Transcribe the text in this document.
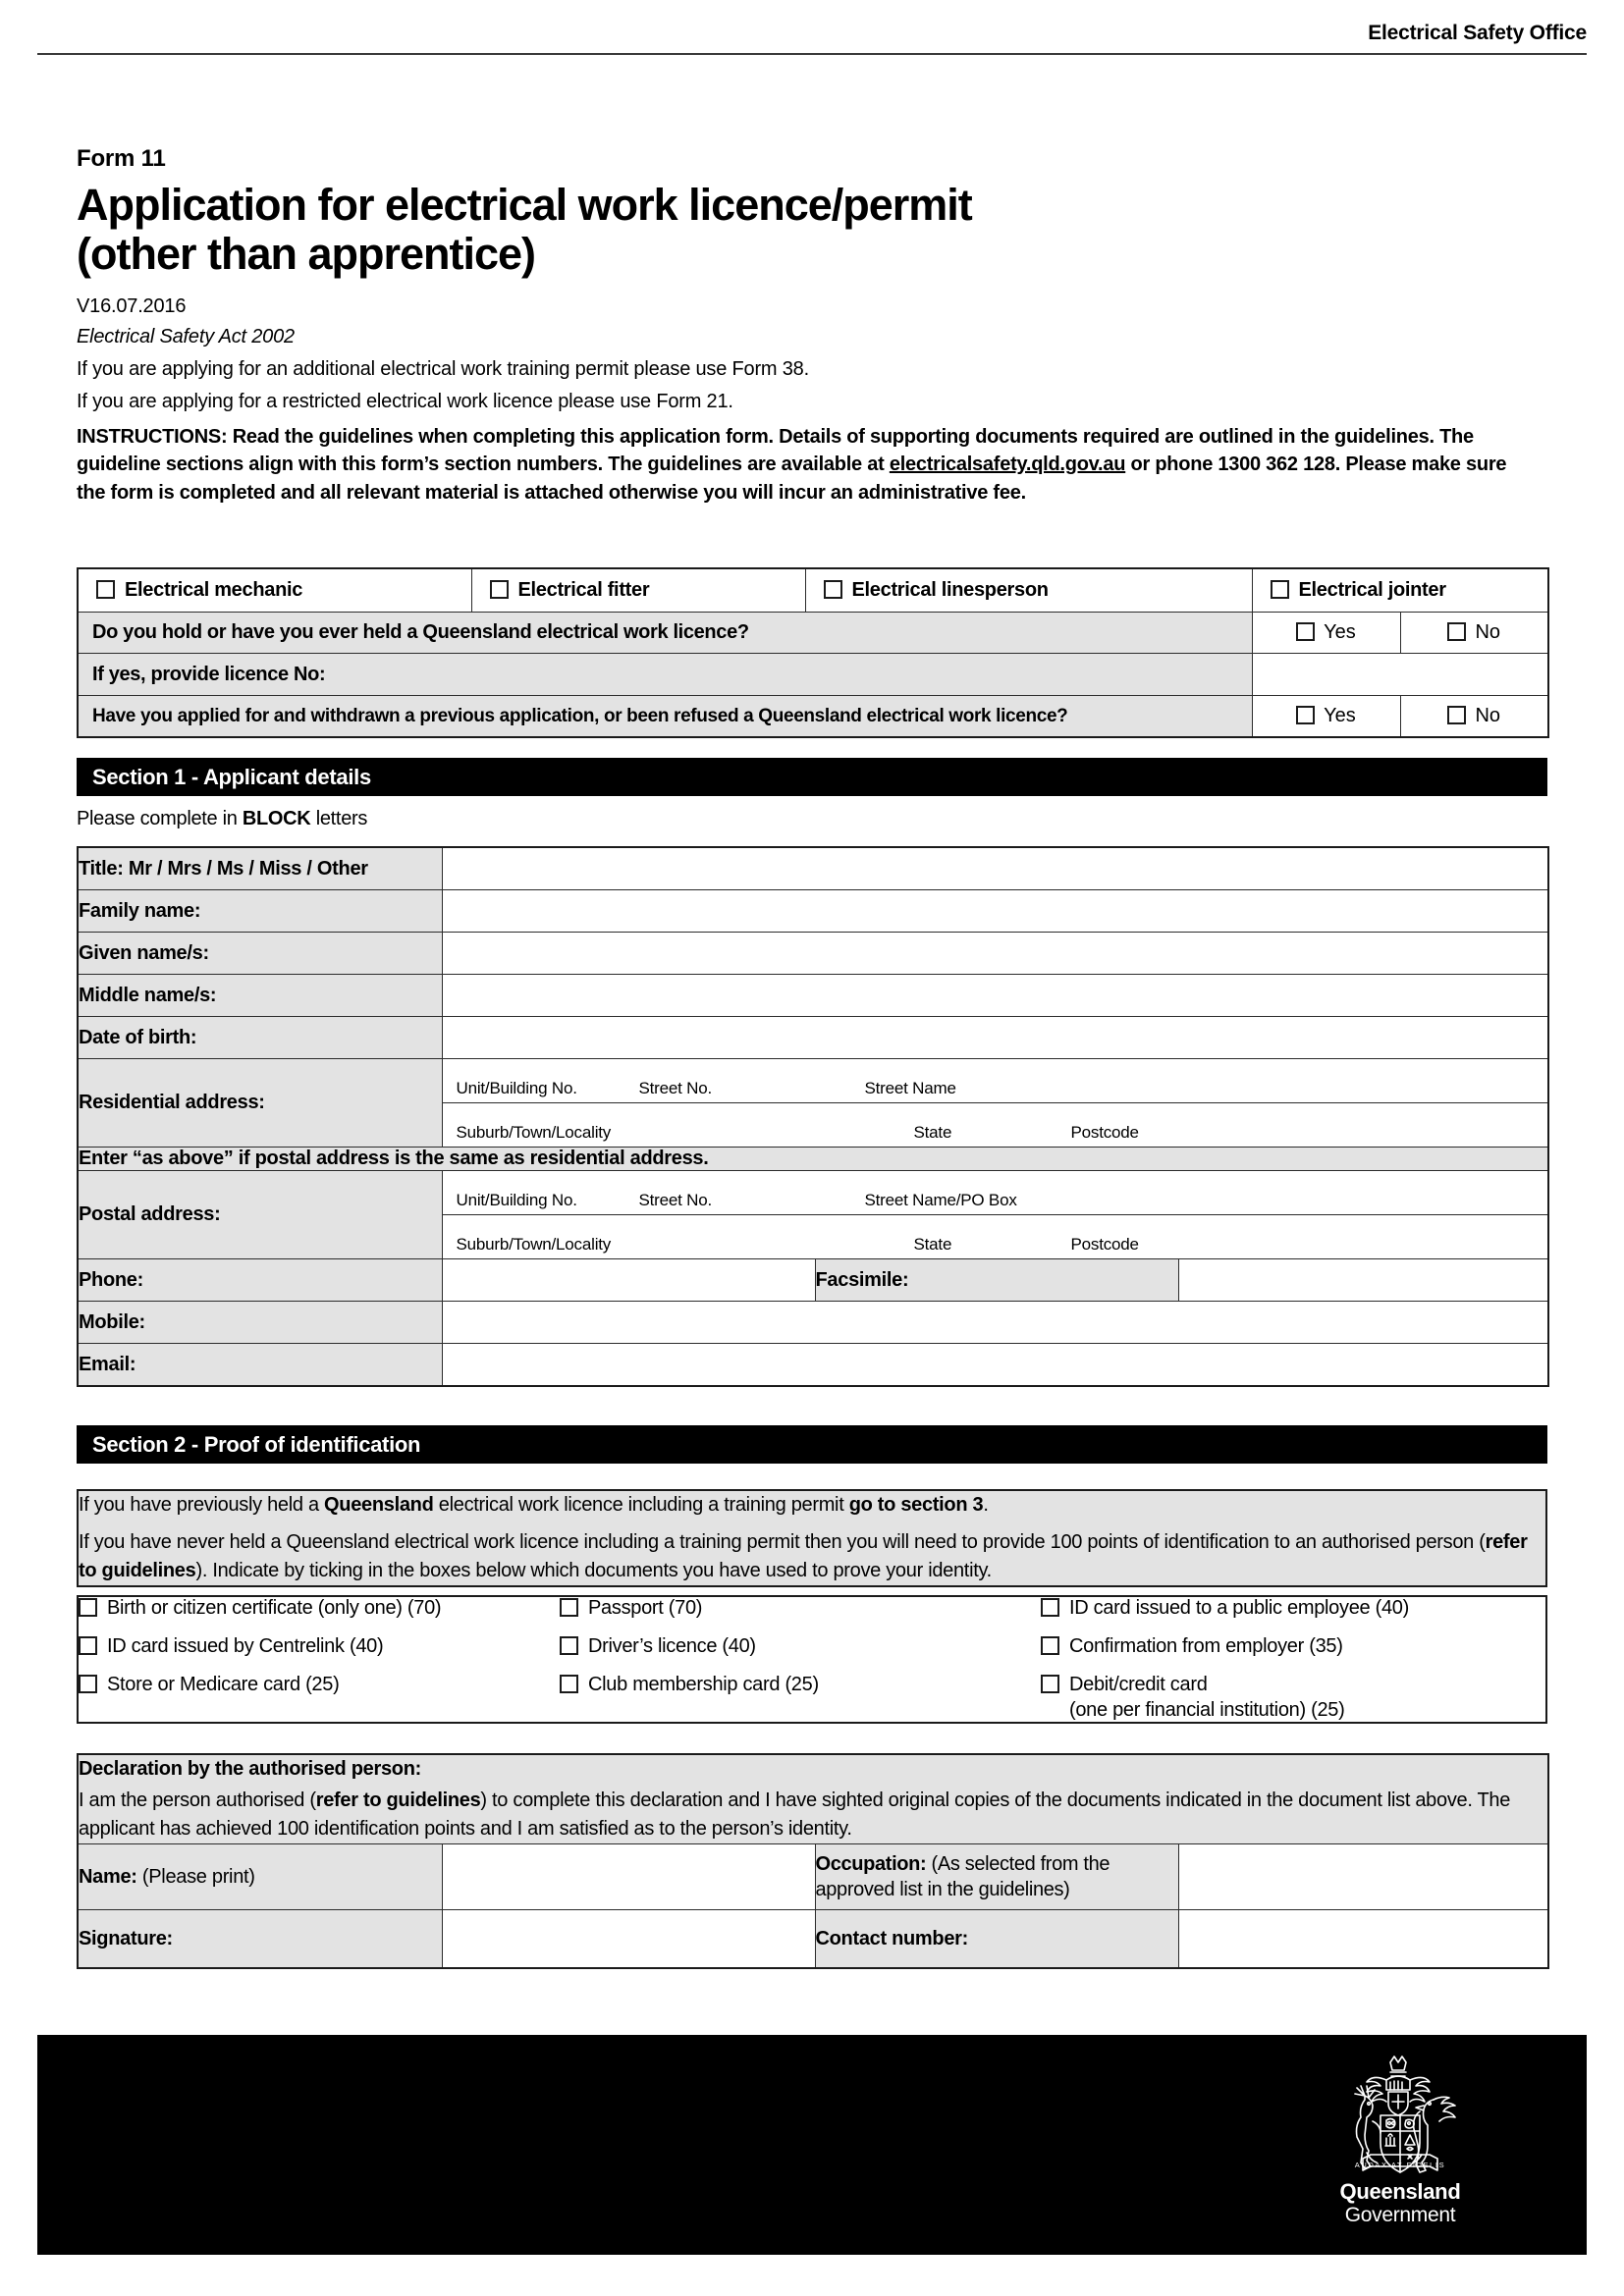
Electrical Safety Office
Form 11
Application for electrical work licence/permit
(other than apprentice)
V16.07.2016
Electrical Safety Act 2002
If you are applying for an additional electrical work training permit please use Form 38.
If you are applying for a restricted electrical work licence please use Form 21.
INSTRUCTIONS: Read the guidelines when completing this application form. Details of supporting documents required are outlined in the guidelines. The guideline sections align with this form’s section numbers. The guidelines are available at electricalsafety.qld.gov.au or phone 1300 362 128. Please make sure the form is completed and all relevant material is attached otherwise you will incur an administrative fee.
Electrical mechanic	Electrical fitter	Electrical linesperson	Electrical jointer	
Do you hold or have you ever held a Queensland electrical work licence?			Yes	No
If yes, provide licence No:				
Have you applied for and withdrawn a previous application, or been refused a Queensland electrical work licence?			Yes	No
Section 1 - Applicant details
Please complete in BLOCK letters
Title: Mr / Mrs / Ms / Miss / Other			
Family name:			
Given name/s:			
Middle name/s:			
Date of birth:			
Residential address:	Unit/Building No. Street No. Street Name		

	Suburb/Town/Locality State Postcode		

Enter “as above” if postal address is the same as residential address.			
Postal address:	Unit/Building No. Street No. Street Name/PO Box		

	Suburb/Town/Locality State Postcode		

Phone:		Facsimile:	
Mobile:			
Email:			
Section 2 - Proof of identification

If you have previously held a Queensland electrical work licence including a training permit go to section 3.

If you have never held a Queensland electrical work licence including a training permit then you will need to provide 100 points of identification to an authorised person (refer to guidelines). Indicate by ticking in the boxes below which documents you have used to prove your identity.

Birth or citizen certificate (only one) (70)	Passport (70)	ID card issued to a public employee (40)
ID card issued by Centrelink (40)	Driver’s licence (40)	Confirmation from employer (35)
Store or Medicare card (25)	Club membership card (25)	Debit/credit card
(one per financial institution) (25)
Declaration by the authorised person:
I am the person authorised (refer to guidelines) to complete this declaration and I have sighted original copies of the documents indicated in the document list above. The applicant has achieved 100 identification points and I am satisfied as to the person’s identity.			
Name: (Please print)		Occupation: (As selected from the approved list in the guidelines)	
Signature:		Contact number:	
AUDAX AT FIDELIS
Queensland
Government
